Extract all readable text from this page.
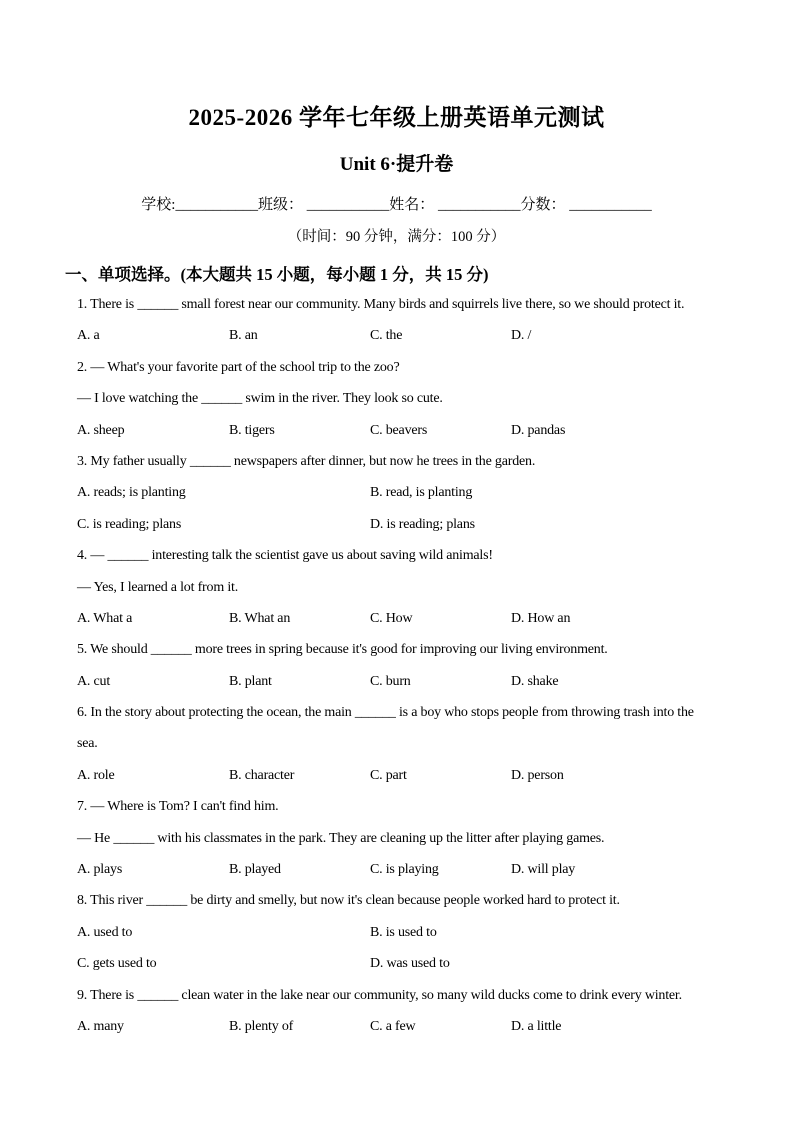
2025-2026 学年七年级上册英语单元测试
Unit 6·提升卷
学校:___________班级： ___________姓名： ___________分数： ___________
（时间：90 分钟，满分：100 分）
一、单项选择。(本大题共 15 小题，每小题 1 分，共 15 分)
1. There is ______ small forest near our community. Many birds and squirrels live there, so we should protect it.
A. a	B. an	C. the	D. /
2. — What's your favorite part of the school trip to the zoo?
— I love watching the ______ swim in the river. They look so cute.
A. sheep	B. tigers	C. beavers	D. pandas
3. My father usually ______ newspapers after dinner, but now he trees in the garden.
A. reads; is planting	B. read, is planting
C. is reading; plans	D. is reading; plans
4. — ______ interesting talk the scientist gave us about saving wild animals!
— Yes, I learned a lot from it.
A. What a	B. What an	C. How	D. How an
5. We should ______ more trees in spring because it's good for improving our living environment.
A. cut	B. plant	C. burn	D. shake
6. In the story about protecting the ocean, the main ______ is a boy who stops people from throwing trash into the
sea.
A. role	B. character	C. part	D. person
7. — Where is Tom? I can't find him.
— He ______ with his classmates in the park. They are cleaning up the litter after playing games.
A. plays	B. played	C. is playing	D. will play
8. This river ______ be dirty and smelly, but now it's clean because people worked hard to protect it.
A. used to	B. is used to
C. gets used to	D. was used to
9. There is ______ clean water in the lake near our community, so many wild ducks come to drink every winter.
A. many	B. plenty of	C. a few	D. a little
